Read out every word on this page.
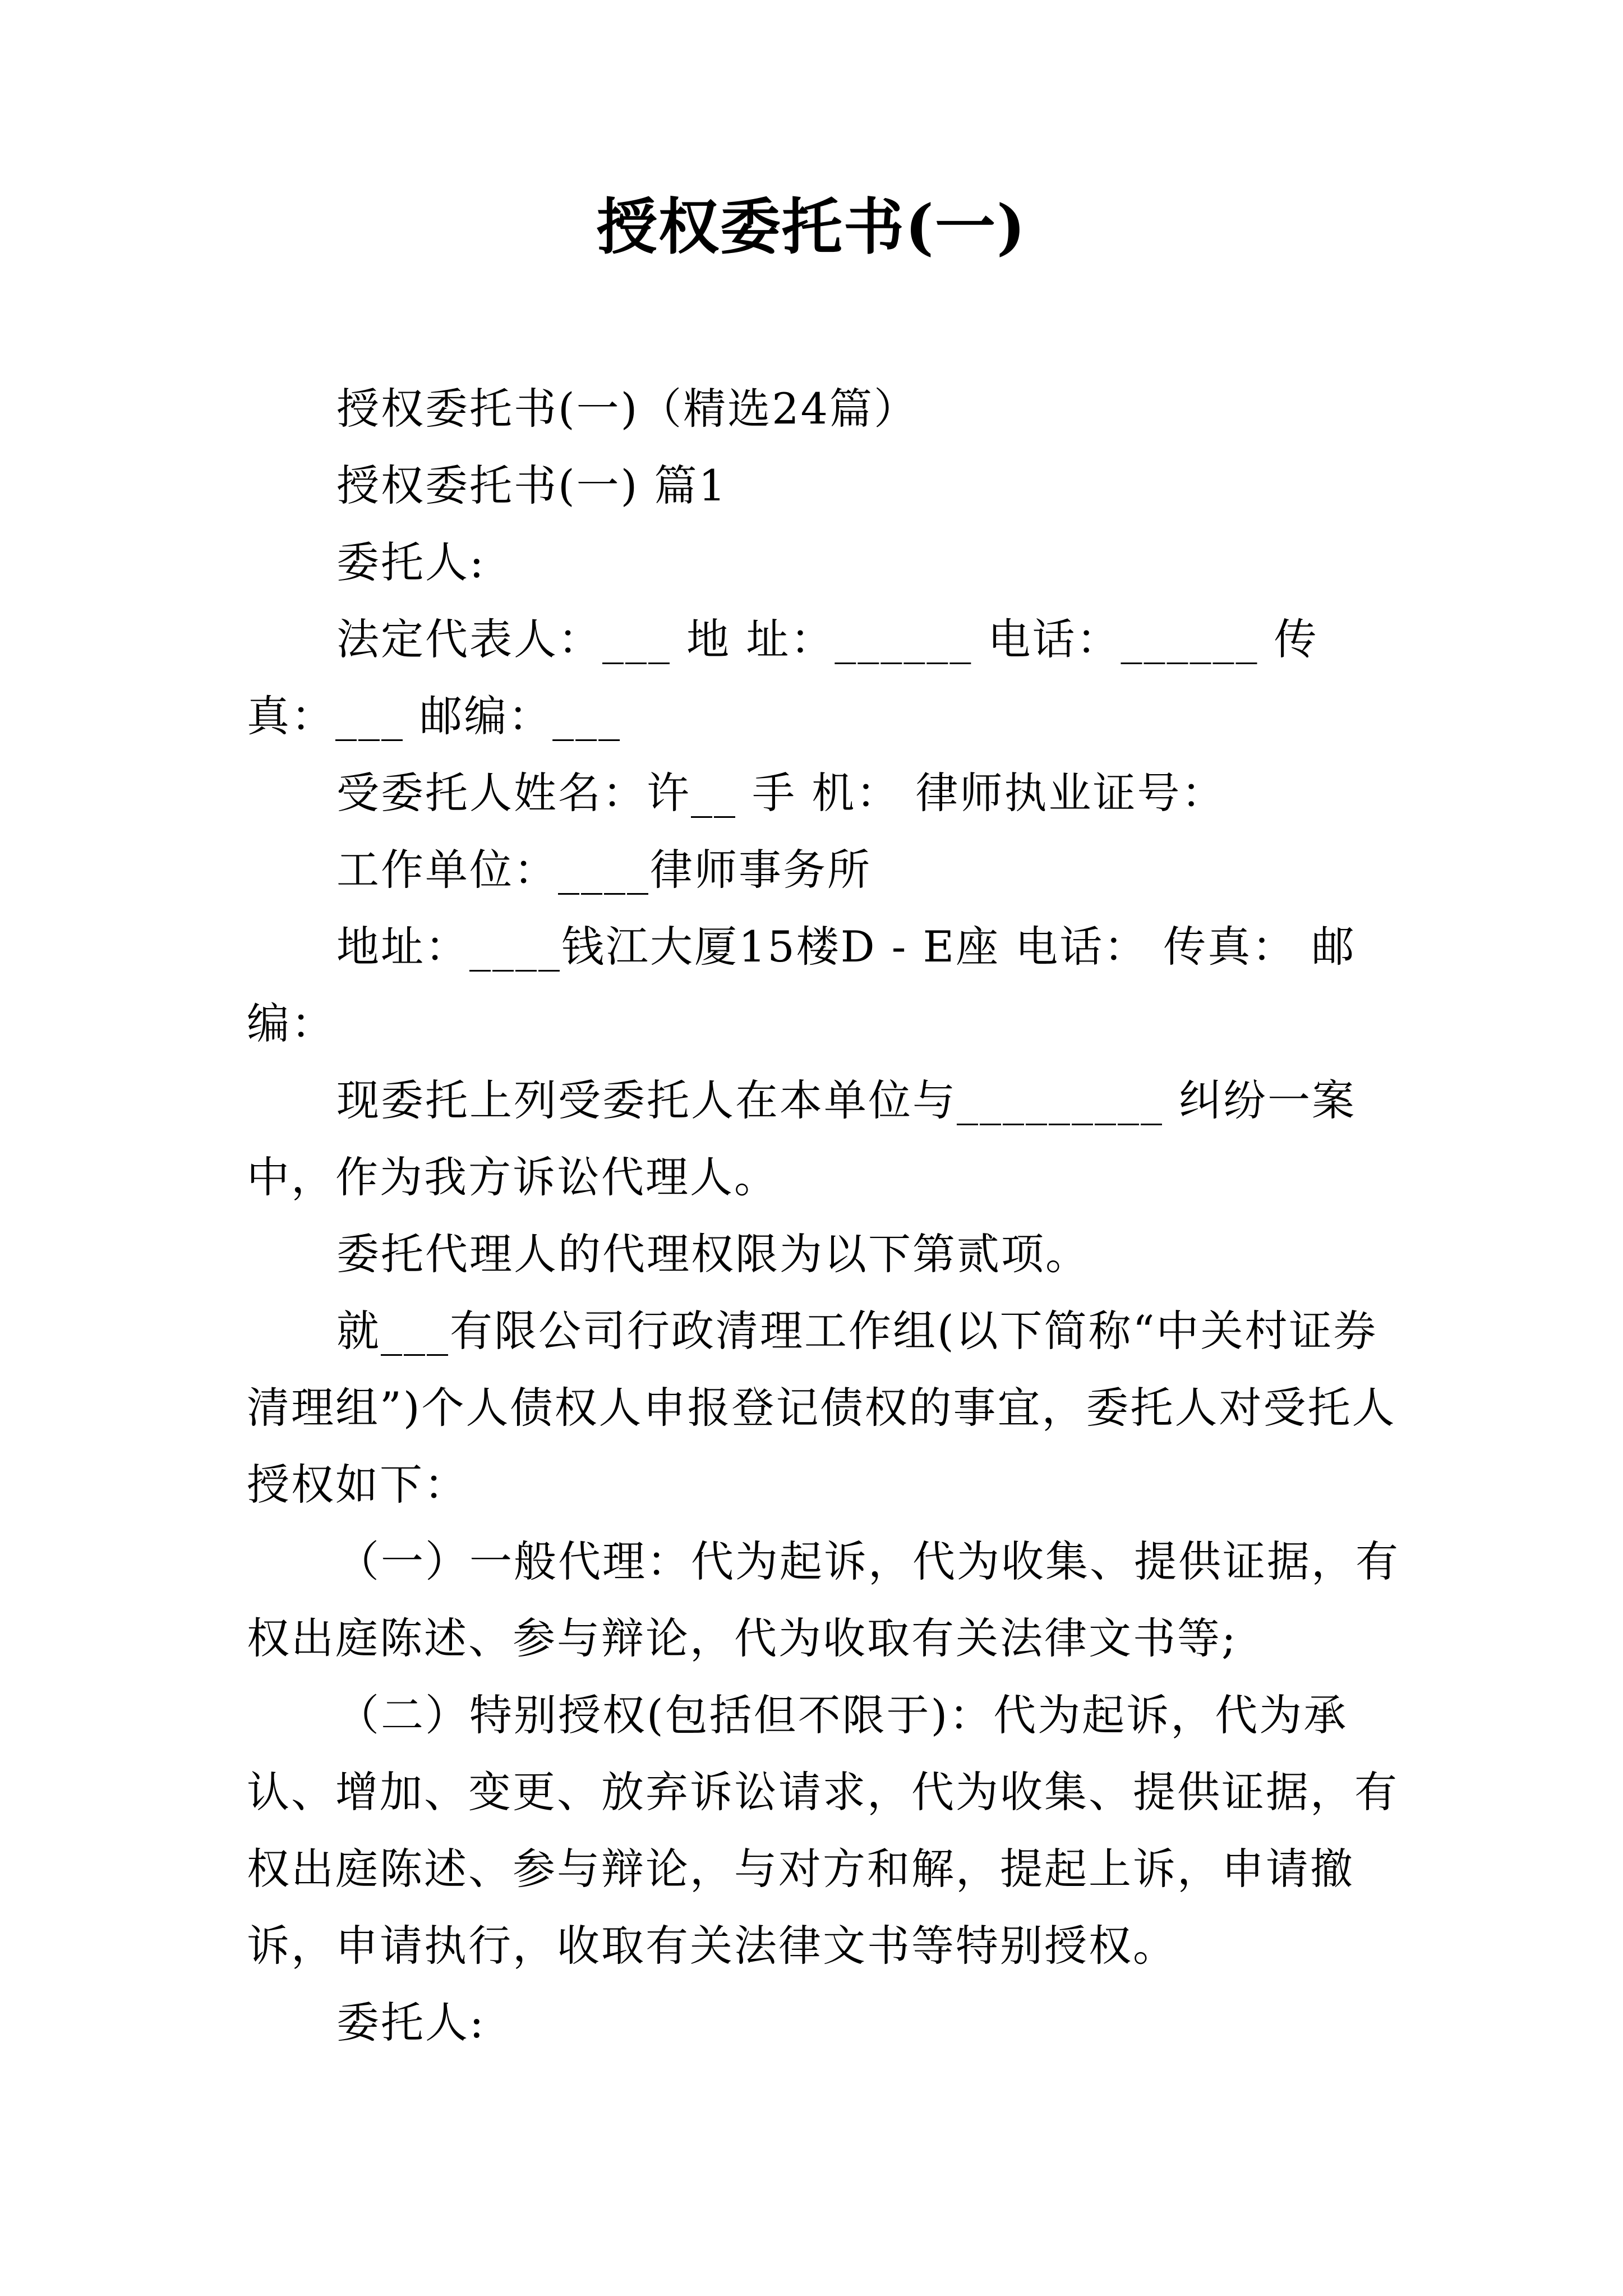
授权委托书(一)

授权委托书(一)（精选24篇）

授权委托书(一) 篇1

委托人:

法定代表人：___ 地 址：______ 电话：______ 传真：___ 邮编：___

受委托人姓名：许__ 手 机： 律师执业证号：

工作单位：____律师事务所

地址：____钱江大厦15楼D - E座 电话： 传真： 邮编：

现委托上列受委托人在本单位与_________ 纠纷一案中，作为我方诉讼代理人。

委托代理人的代理权限为以下第贰项。

就___有限公司行政清理工作组(以下简称“中关村证券清理组”)个人债权人申报登记债权的事宜，委托人对受托人授权如下：

（一）一般代理：代为起诉，代为收集、提供证据，有权出庭陈述、参与辩论，代为收取有关法律文书等;

（二）特别授权(包括但不限于)：代为起诉，代为承认、增加、变更、放弃诉讼请求，代为收集、提供证据，有权出庭陈述、参与辩论，与对方和解，提起上诉，申请撤诉，申请执行，收取有关法律文书等特别授权。

委托人:
